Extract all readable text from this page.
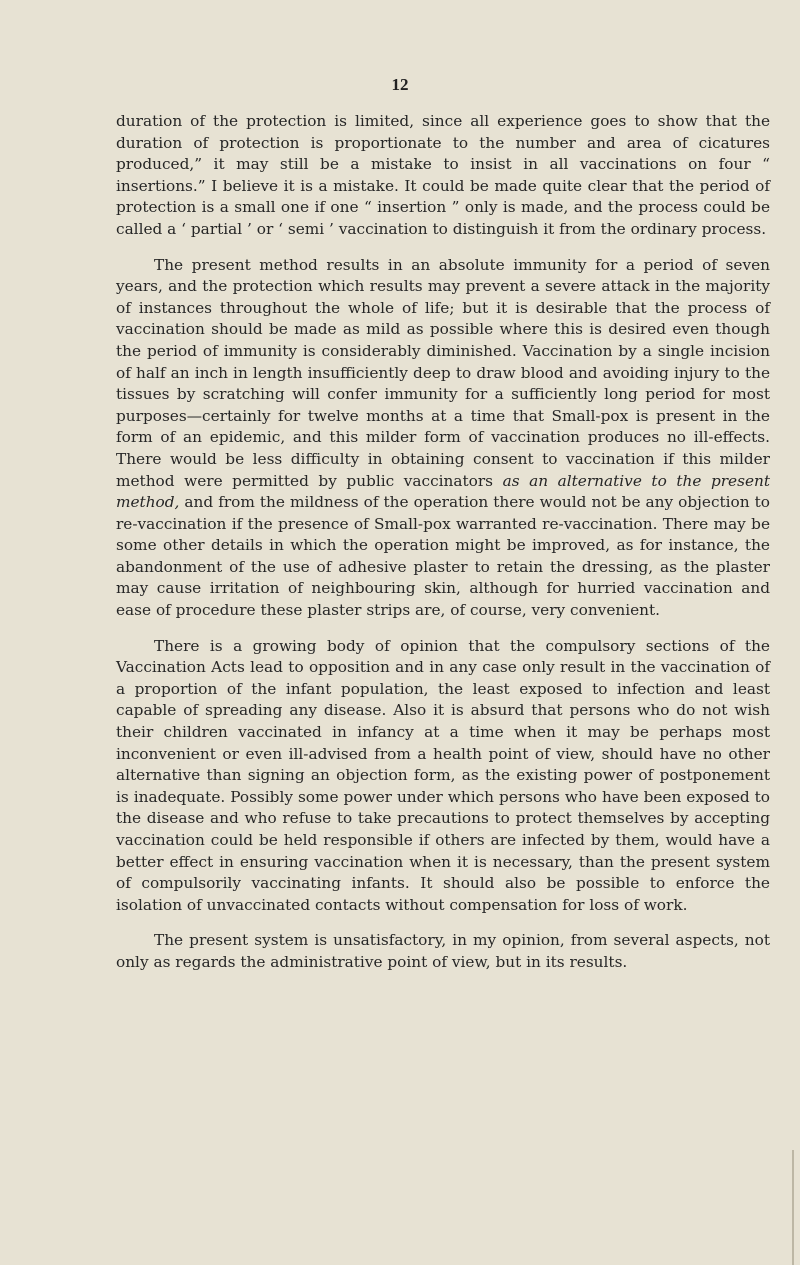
12

duration of the protection is limited, since all experience goes to show that the duration of protection is proportionate to the number and area of cicatures produced,” it may still be a mistake to insist in all vaccinations on four “ insertions.” I believe it is a mistake. It could be made quite clear that the period of protection is a small one if one “ insertion ” only is made, and the process could be called a ‘ partial ’ or ‘ semi ’ vaccination to distinguish it from the ordinary process.

The present method results in an absolute immunity for a period of seven years, and the protection which results may prevent a severe attack in the majority of instances throughout the whole of life; but it is desirable that the process of vaccination should be made as mild as possible where this is desired even though the period of immunity is considerably diminished. Vaccination by a single incision of half an inch in length insufficiently deep to draw blood and avoiding injury to the tissues by scratching will confer immunity for a sufficiently long period for most purposes—certainly for twelve months at a time that Small-pox is present in the form of an epidemic, and this milder form of vaccination produces no ill-effects. There would be less difficulty in obtaining consent to vaccination if this milder method were permitted by public vaccinators as an alternative to the present method, and from the mildness of the operation there would not be any objection to re-vaccination if the presence of Small-pox warranted re-vaccination. There may be some other details in which the operation might be improved, as for instance, the abandonment of the use of adhesive plaster to retain the dressing, as the plaster may cause irritation of neighbouring skin, although for hurried vaccination and ease of procedure these plaster strips are, of course, very convenient.

There is a growing body of opinion that the compulsory sections of the Vaccination Acts lead to opposition and in any case only result in the vaccination of a proportion of the infant population, the least exposed to infection and least capable of spreading any disease. Also it is absurd that persons who do not wish their children vaccinated in infancy at a time when it may be perhaps most inconvenient or even ill-advised from a health point of view, should have no other alternative than signing an objection form, as the existing power of postponement is inadequate. Possibly some power under which persons who have been exposed to the disease and who refuse to take precautions to protect themselves by accepting vaccination could be held responsible if others are infected by them, would have a better effect in ensuring vaccination when it is necessary, than the present system of compulsorily vaccinating infants. It should also be possible to enforce the isolation of unvaccinated contacts without compensation for loss of work.

The present system is unsatisfactory, in my opinion, from several aspects, not only as regards the administrative point of view, but in its results.
